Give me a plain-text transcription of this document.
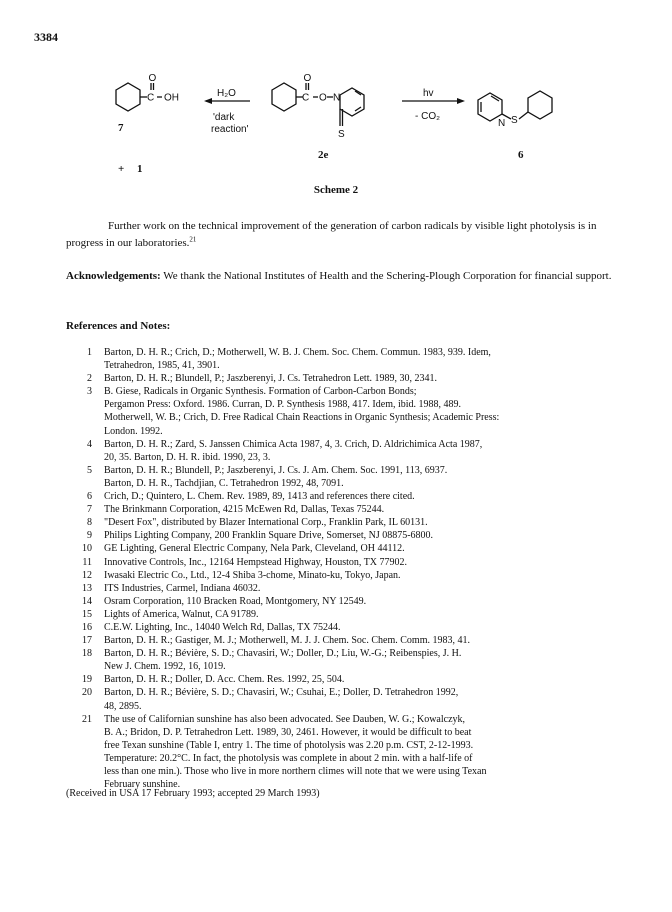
3384
O
C OH
7
+ 1
H₂O
'dark
reaction'
O
C O N
S
2e
hv
- CO₂
N S
6
Scheme 2
Further work on the technical improvement of the generation of carbon radicals by visible light photolysis is in progress in our laboratories.$^{21}$
Acknowledgements: We thank the National Institutes of Health and the Schering-Plough Corporation for financial support.
References and Notes:
1	Barton, D. H. R.; Crich, D.; Motherwell, W. B. J. Chem. Soc. Chem. Commun. 1983, 939. Idem,
Tetrahedron, 1985, 41, 3901.
2	Barton, D. H. R.; Blundell, P.; Jaszberenyi, J. Cs. Tetrahedron Lett. 1989, 30, 2341.
3	B. Giese, Radicals in Organic Synthesis. Formation of Carbon-Carbon Bonds;
Pergamon Press: Oxford. 1986. Curran, D. P. Synthesis 1988, 417. Idem, ibid. 1988, 489.
Motherwell, W. B.; Crich, D. Free Radical Chain Reactions in Organic Synthesis; Academic Press:
London. 1992.
4	Barton, D. H. R.; Zard, S. Janssen Chimica Acta 1987, 4, 3. Crich, D. Aldrichimica Acta 1987,
20, 35. Barton, D. H. R. ibid. 1990, 23, 3.
5	Barton, D. H. R.; Blundell, P.; Jaszberenyi, J. Cs. J. Am. Chem. Soc. 1991, 113, 6937.
Barton, D. H. R., Tachdjian, C. Tetrahedron 1992, 48, 7091.
6	Crich, D.; Quintero, L. Chem. Rev. 1989, 89, 1413 and references there cited.
7	The Brinkmann Corporation, 4215 McEwen Rd, Dallas, Texas 75244.
8	"Desert Fox", distributed by Blazer International Corp., Franklin Park, IL 60131.
9	Philips Lighting Company, 200 Franklin Square Drive, Somerset, NJ 08875-6800.
10	GE Lighting, General Electric Company, Nela Park, Cleveland, OH 44112.
11	Innovative Controls, Inc., 12164 Hempstead Highway, Houston, TX 77902.
12	Iwasaki Electric Co., Ltd., 12-4 Shiba 3-chome, Minato-ku, Tokyo, Japan.
13	ITS Industries, Carmel, Indiana 46032.
14	Osram Corporation, 110 Bracken Road, Montgomery, NY 12549.
15	Lights of America, Walnut, CA 91789.
16	C.E.W. Lighting, Inc., 14040 Welch Rd, Dallas, TX 75244.
17	Barton, D. H. R.; Gastiger, M. J.; Motherwell, M. J. J. Chem. Soc. Chem. Comm. 1983, 41.
18	Barton, D. H. R.; Bévière, S. D.; Chavasiri, W.; Doller, D.; Liu, W.-G.; Reibenspies, J. H.
New J. Chem. 1992, 16, 1019.
19	Barton, D. H. R.; Doller, D. Acc. Chem. Res. 1992, 25, 504.
20	Barton, D. H. R.; Bévière, S. D.; Chavasiri, W.; Csuhai, E.; Doller, D. Tetrahedron 1992,
48, 2895.
21	The use of Californian sunshine has also been advocated. See Dauben, W. G.; Kowalczyk,
B. A.; Bridon, D. P. Tetrahedron Lett. 1989, 30, 2461. However, it would be difficult to beat
free Texan sunshine (Table I, entry 1. The time of photolysis was 2.20 p.m. CST, 2-12-1993.
Temperature: 20.2°C. In fact, the photolysis was complete in about 2 min. with a half-life of
less than one min.). Those who live in more northern climes will note that we were using Texan
February sunshine.
(Received in USA 17 February 1993; accepted 29 March 1993)
